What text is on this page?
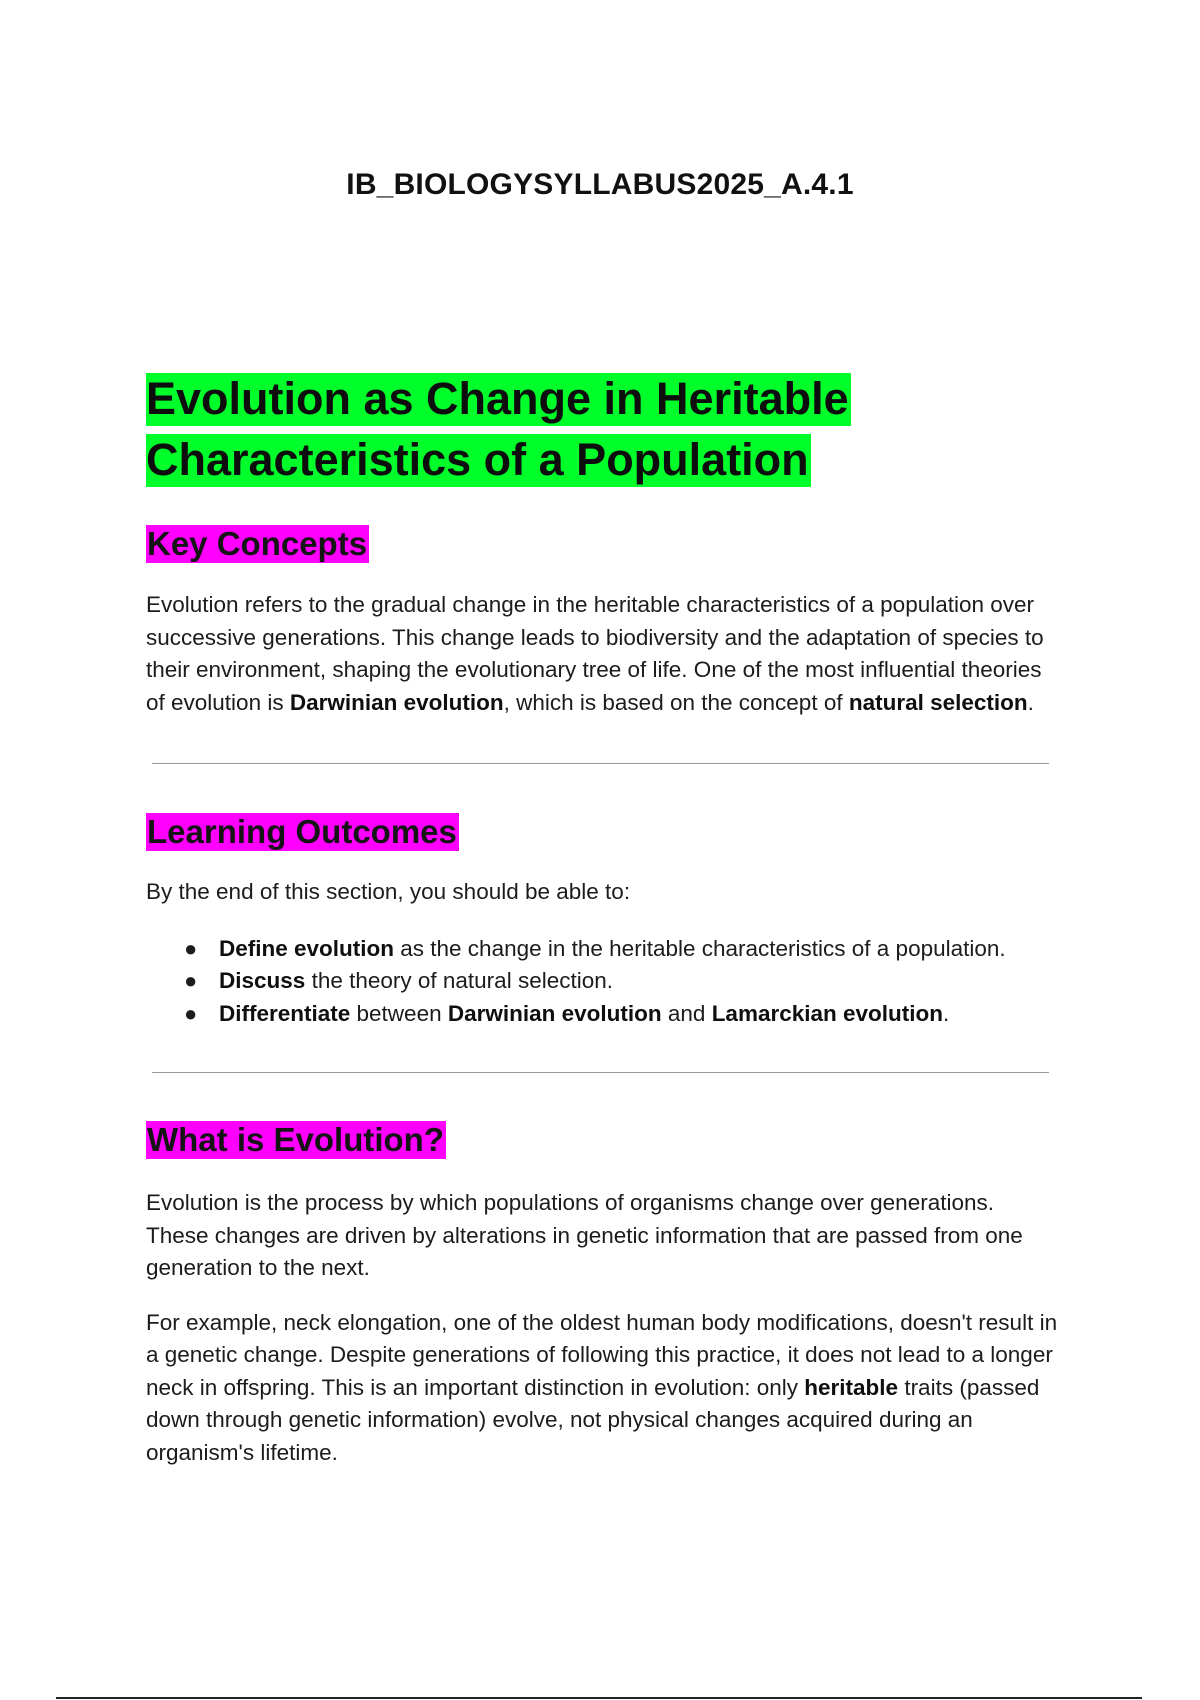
IB_BIOLOGYSYLLABUS2025_A.4.1
Evolution as Change in Heritable
Characteristics of a Population
Key Concepts

Evolution refers to the gradual change in the heritable characteristics of a population over successive generations. This change leads to biodiversity and the adaptation of species to their environment, shaping the evolutionary tree of life. One of the most influential theories of evolution is Darwinian evolution, which is based on the concept of natural selection.

Learning Outcomes

By the end of this section, you should be able to:

● Define evolution as the change in the heritable characteristics of a population.
● Discuss the theory of natural selection.
● Differentiate between Darwinian evolution and Lamarckian evolution.
What is Evolution?

Evolution is the process by which populations of organisms change over generations. These changes are driven by alterations in genetic information that are passed from one generation to the next.

For example, neck elongation, one of the oldest human body modifications, doesn't result in a genetic change. Despite generations of following this practice, it does not lead to a longer neck in offspring. This is an important distinction in evolution: only heritable traits (passed down through genetic information) evolve, not physical changes acquired during an organism's lifetime.
